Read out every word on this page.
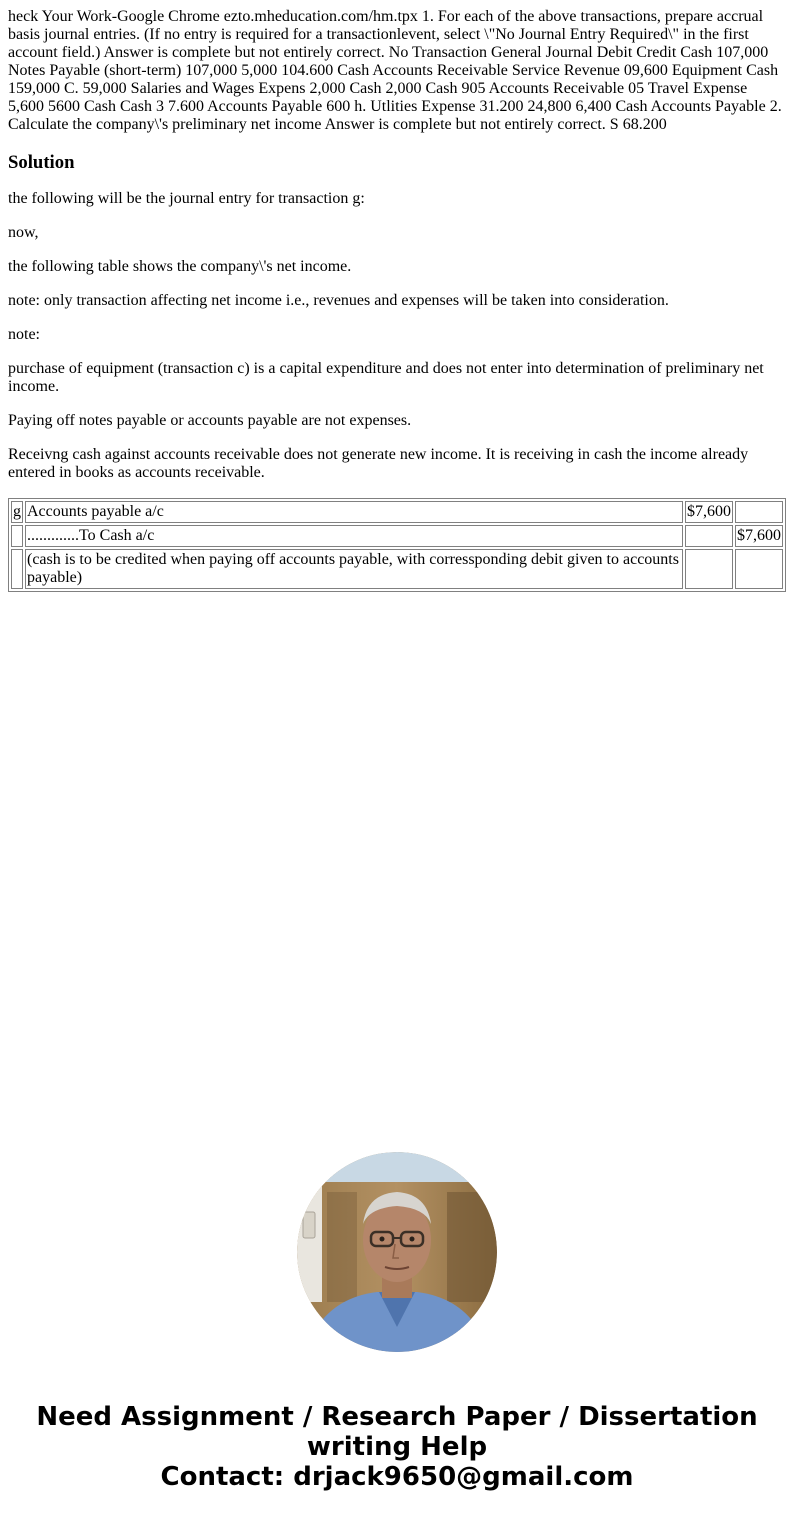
heck Your Work-Google Chrome ezto.mheducation.com/hm.tpx 1. For each of the above transactions, prepare accrual basis journal entries. (If no entry is required for a transactionlevent, select \"No Journal Entry Required\" in the first account field.) Answer is complete but not entirely correct. No Transaction General Journal Debit Credit Cash 107,000 Notes Payable (short-term) 107,000 5,000 104.600 Cash Accounts Receivable Service Revenue 09,600 Equipment Cash 159,000 C. 59,000 Salaries and Wages Expens 2,000 Cash 2,000 Cash 905 Accounts Receivable 05 Travel Expense 5,600 5600 Cash Cash 3 7.600 Accounts Payable 600 h. Utlities Expense 31.200 24,800 6,400 Cash Accounts Payable 2. Calculate the company\'s preliminary net income Answer is complete but not entirely correct. S 68.200

Solution

the following will be the journal entry for transaction g:

now,

the following table shows the company\'s net income.

note: only transaction affecting net income i.e., revenues and expenses will be taken into consideration.

note:

purchase of equipment (transaction c) is a capital expenditure and does not enter into determination of preliminary net income.

Paying off notes payable or accounts payable are not expenses.

Receivng cash against accounts receivable does not generate new income. It is receiving in cash the income already entered in books as accounts receivable.

g	Accounts payable a/c	$7,600	
	.............To Cash a/c		$7,600
	(cash is to be credited when paying off accounts payable, with corressponding debit given to accounts payable)		
Need Assignment / Research Paper / Dissertation
writing Help
Contact: drjack9650@gmail.com
